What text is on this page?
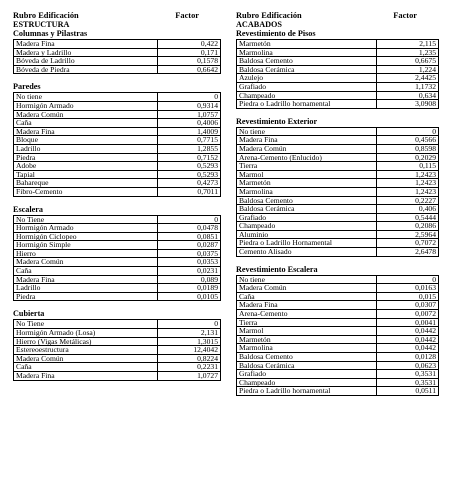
Rubro Edificación	Factor
ESTRUCTURA
Columnas y Pilastras
Madera Fina	0,422
Madera y Ladrillo	0,171
Bóveda de Ladrillo	0,1578
Bóveda de Piedra	0,6642
Paredes
No tiene	0
Hormigón Armado	0,9314
Madera Común	1,0757
Caña	0,4006
Madera Fina	1,4009
Bloque	0,7715
Ladrillo	1,2855
Piedra	0,7152
Adobe	0,5293
Tapial	0,5293
Bahareque	0,4273
Fibro-Cemento	0,7011
Escalera
No Tiene	0
Hormigón Armado	0,0478
Hormigón Ciclopeo	0,0851
Hormigón Simple	0,0287
Hierro	0,0375
Madera Común	0,0353
Caña	0,0231
Madera Fina	0,089
Ladrillo	0,0189
Piedra	0,0105
Cubierta
No Tiene	0
Hormigón Armado (Losa)	2,131
Hierro (Vigas Metálicas)	1,3015
Estereoestructura	12,4042
Madera Común	0,8224
Caña	0,2231
Madera Fina	1,0727
Rubro Edificación	Factor
ACABADOS
Revestimiento de Pisos
Marmetón	2,115
Marmolina	1,235
Baldosa Cemento	0,6675
Baldosa Cerámica	1,224
Azulejo	2,4425
Grafiado	1,1732
Champeado	0,634
Piedra o Ladrillo hornamental	3,0908
Revestimiento Exterior
No tiene	0
Madera Fina	0,4566
Madera Común	0,8598
Arena-Cemento (Enlucido)	0,2029
Tierra	0,115
Marmol	1,2423
Marmetón	1,2423
Marmolina	1,2423
Baldosa Cemento	0,2227
Baldosa Cerámica	0,406
Grafiado	0,5444
Champeado	0,2086
Aluminio	2,5964
Piedra o Ladrillo Hornamental	0,7072
Cemento Alisado	2,6478
Revestimiento Escalera
No tiene	0
Madera Común	0,0163
Caña	0,015
Madera Fina	0,0307
Arena-Cemento	0,0072
Tierra	0,0041
Marmol	0,0442
Marmetón	0,0442
Marmolina	0,0442
Baldosa Cemento	0,0128
Baldosa Cerámica	0,0623
Grafiado	0,3531
Champeado	0,3531
Piedra o Ladrillo hornamental	0,0511
